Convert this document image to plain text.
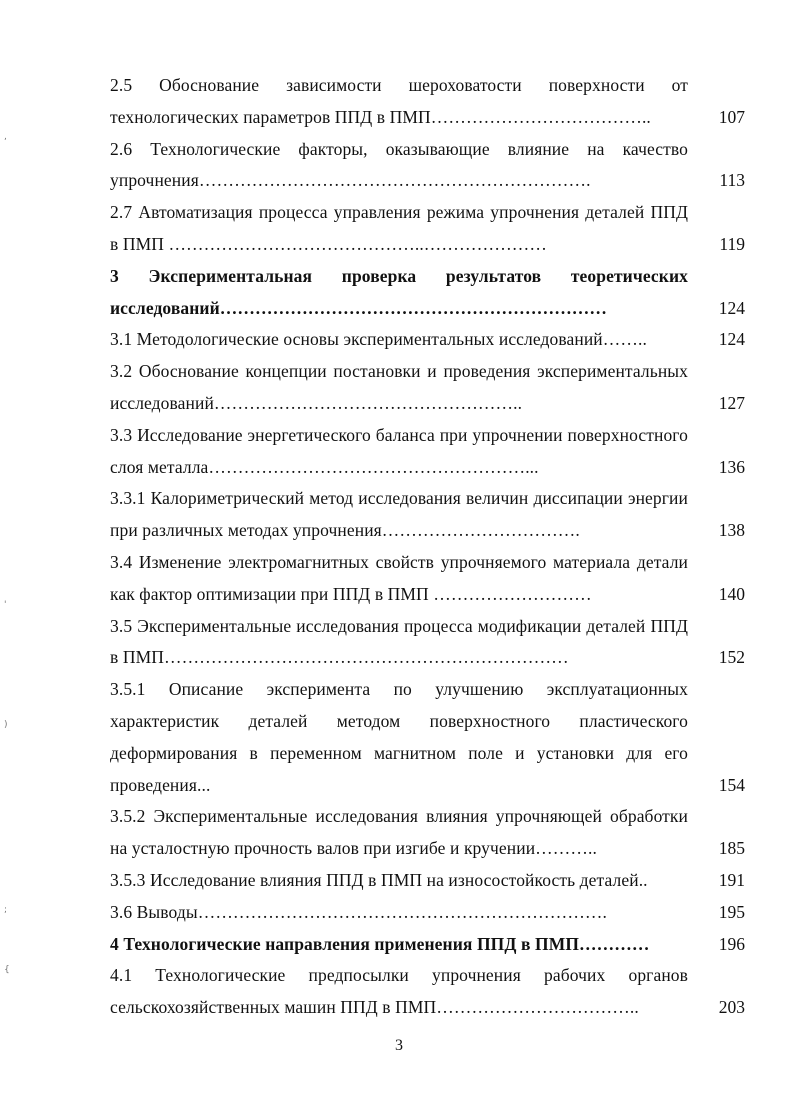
2.5 Обоснование зависимости шероховатости поверхности от технологических параметров ППД в ПМП………………………………..	107
2.6 Технологические факторы, оказывающие влияние на качество упрочнения………………………………………………………….	113
2.7 Автоматизация процесса управления режима упрочнения деталей ППД в ПМП ……………………………………..…………………	119
3 Экспериментальная проверка результатов теоретических исследований…………………………………………………………	124
3.1 Методологические основы экспериментальных исследований……..	124
3.2 Обоснование концепции постановки и проведения экспериментальных исследований……………………………………………..	127
3.3 Исследование энергетического баланса при упрочнении поверхностного слоя металла………………………………………………...	136
3.3.1 Калориметрический метод исследования величин диссипации энергии при различных методах упрочнения…………………………….	138
3.4 Изменение электромагнитных свойств упрочняемого материала детали как фактор оптимизации при ППД в ПМП ………………………	140
3.5 Экспериментальные исследования процесса модификации деталей ППД в ПМП……………………………………………………………	152
3.5.1 Описание эксперимента по улучшению эксплуатационных характеристик деталей методом поверхностного пластического деформирования в переменном магнитном поле и установки для его проведения...	154
3.5.2 Экспериментальные исследования влияния упрочняющей обработки на усталостную прочность валов при изгибе и кручении………..	185
3.5.3 Исследование влияния ППД в ПМП на износостойкость деталей..	191
3.6 Выводы…………………………………………………………….	195
4 Технологические направления применения ППД в ПМП…………	196
4.1 Технологические предпосылки упрочнения рабочих органов сельскохозяйственных машин ППД в ПМП……………………………..	203
3
,
'
)
;
{
